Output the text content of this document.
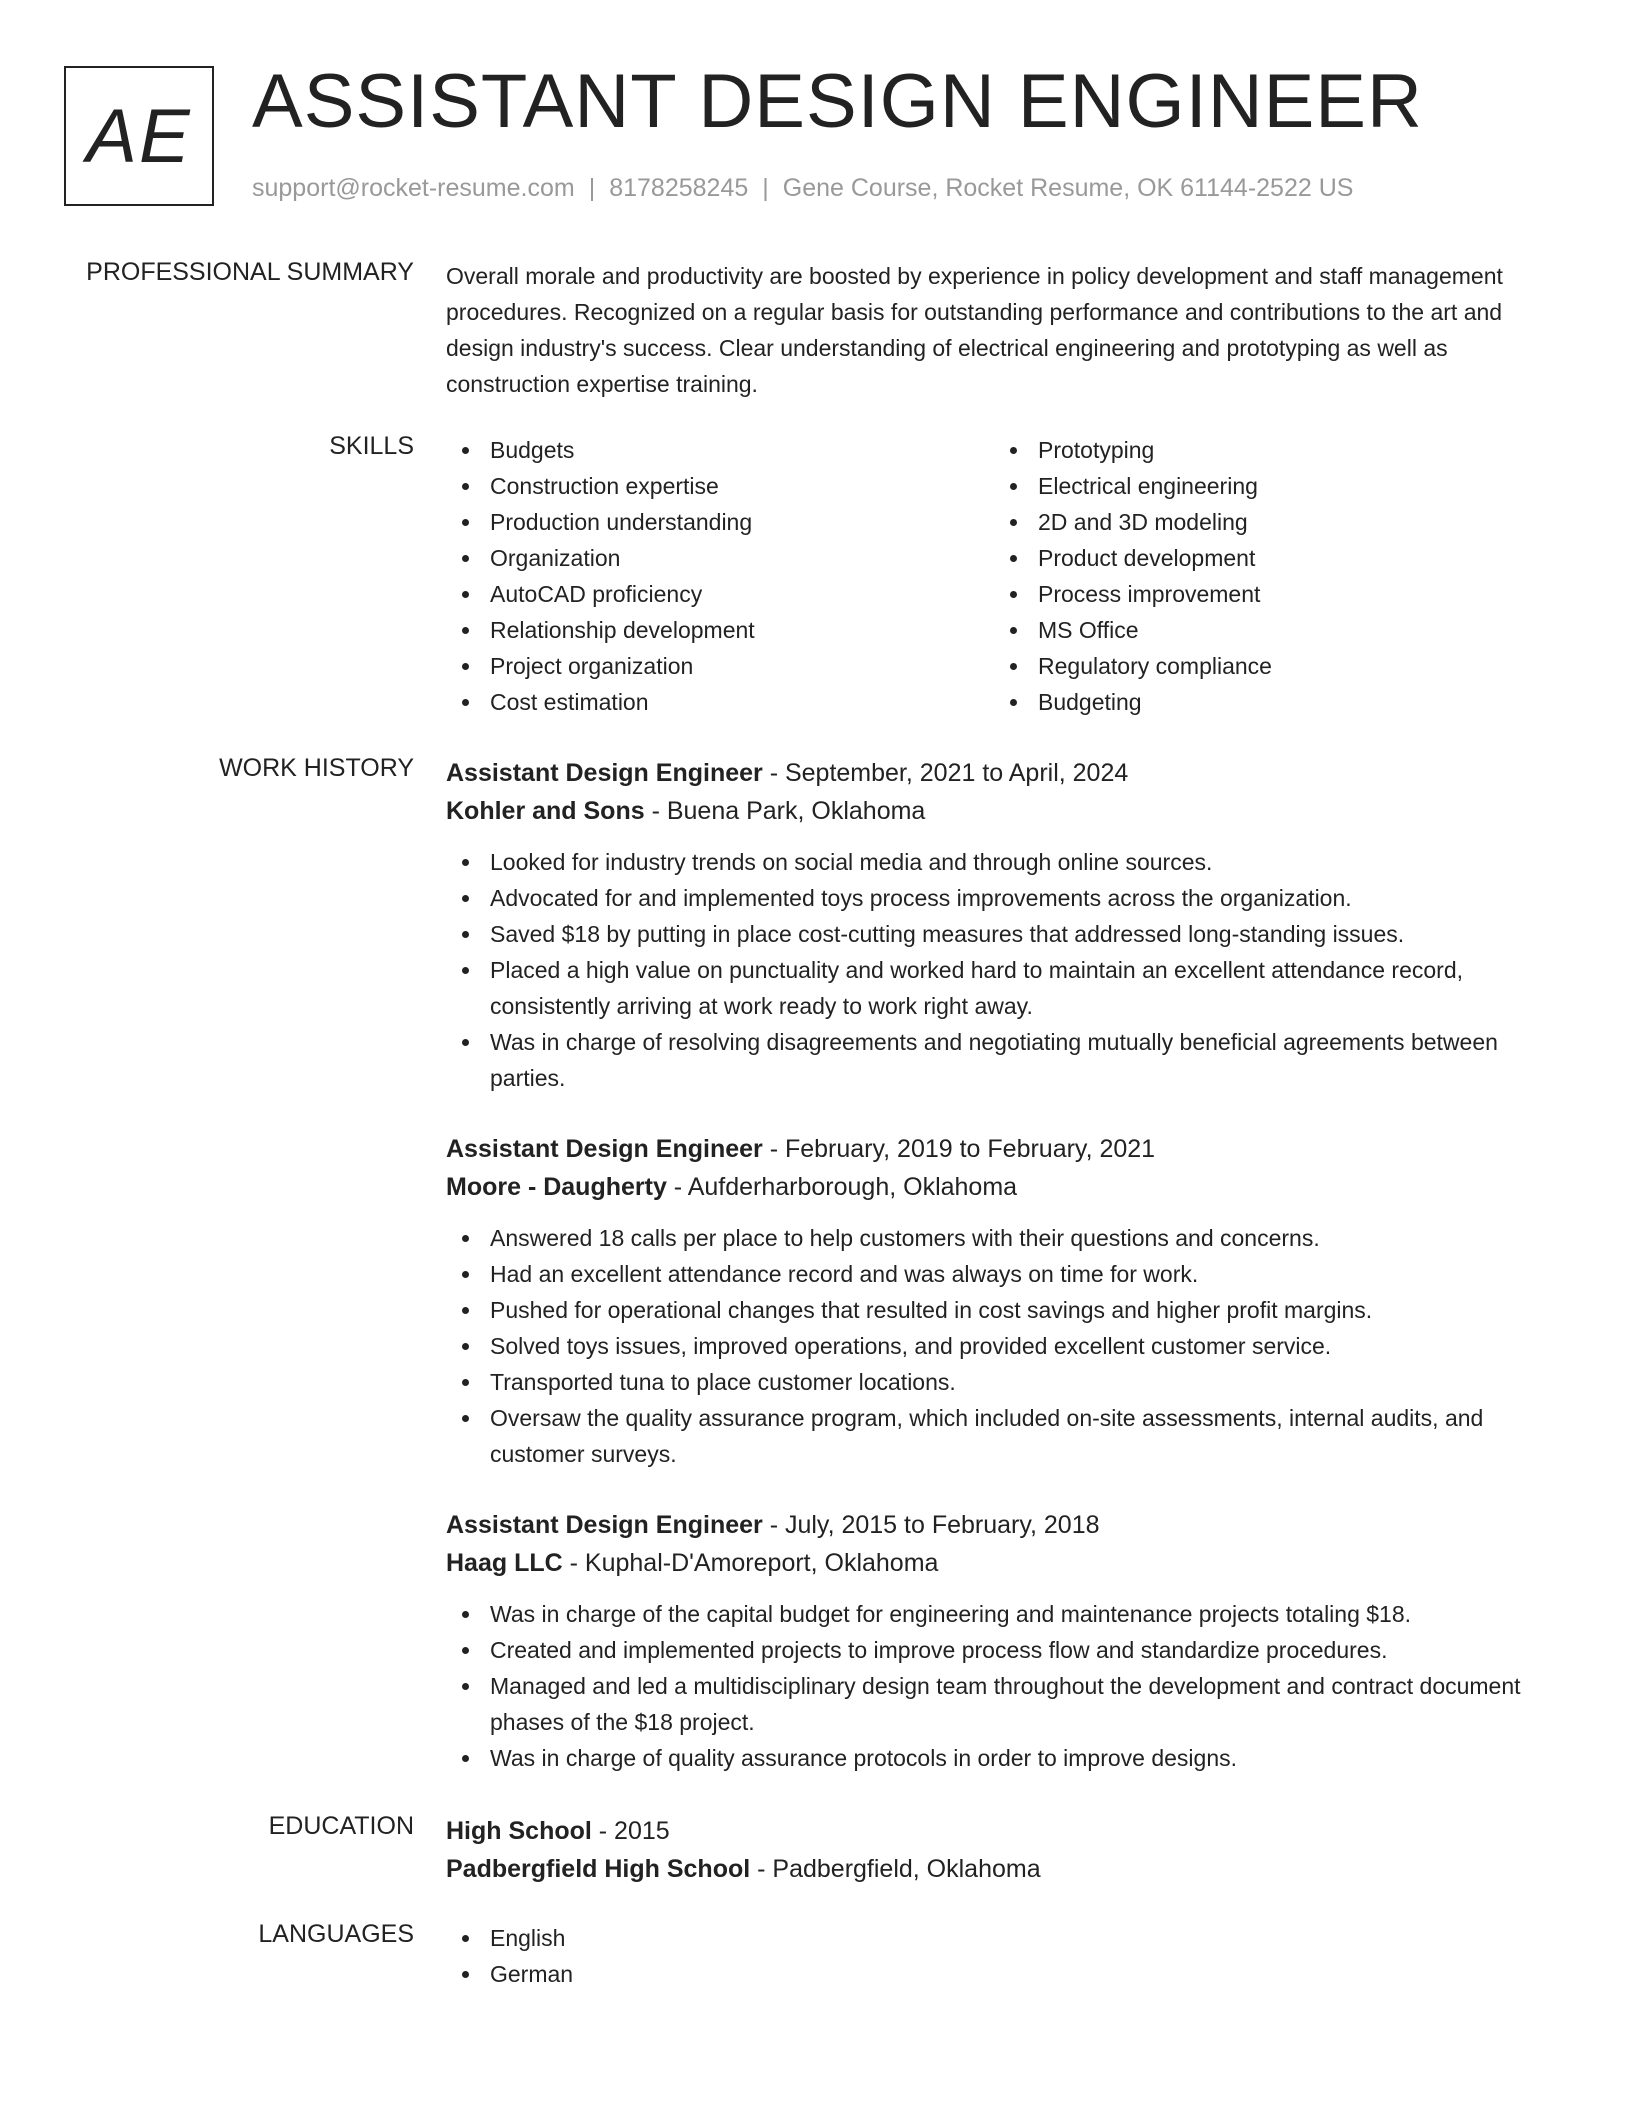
AE ASSISTANT DESIGN ENGINEER
support@rocket-resume.com | 8178258245 | Gene Course, Rocket Resume, OK 61144-2522 US
PROFESSIONAL SUMMARY Overall morale and productivity are boosted by experience in policy development and staff management procedures. Recognized on a regular basis for outstanding performance and contributions to the art and design industry's success. Clear understanding of electrical engineering and prototyping as well as construction expertise training.
SKILLS	Budgets
Construction expertise
Production understanding
Organization
AutoCAD proficiency
Relationship development
Project organization
Cost estimation
Prototyping
Electrical engineering
2D and 3D modeling
Product development
Process improvement
MS Office
Regulatory compliance
Budgeting
WORK HISTORY Assistant Design Engineer - September, 2021 to April, 2024
Kohler and Sons - Buena Park, Oklahoma
Looked for industry trends on social media and through online sources.
Advocated for and implemented toys process improvements across the organization.
Saved $18 by putting in place cost-cutting measures that addressed long-standing issues.
Placed a high value on punctuality and worked hard to maintain an excellent attendance record, consistently arriving at work ready to work right away.
Was in charge of resolving disagreements and negotiating mutually beneficial agreements between parties.
Assistant Design Engineer - February, 2019 to February, 2021
Moore - Daugherty - Aufderharborough, Oklahoma
Answered 18 calls per place to help customers with their questions and concerns.
Had an excellent attendance record and was always on time for work.
Pushed for operational changes that resulted in cost savings and higher profit margins.
Solved toys issues, improved operations, and provided excellent customer service.
Transported tuna to place customer locations.
Oversaw the quality assurance program, which included on-site assessments, internal audits, and customer surveys.
Assistant Design Engineer - July, 2015 to February, 2018
Haag LLC - Kuphal-D'Amoreport, Oklahoma
Was in charge of the capital budget for engineering and maintenance projects totaling $18.
Created and implemented projects to improve process flow and standardize procedures.
Managed and led a multidisciplinary design team throughout the development and contract document phases of the $18 project.
Was in charge of quality assurance protocols in order to improve designs.
EDUCATION High School - 2015
Padbergfield High School - Padbergfield, Oklahoma
LANGUAGES	English
German
